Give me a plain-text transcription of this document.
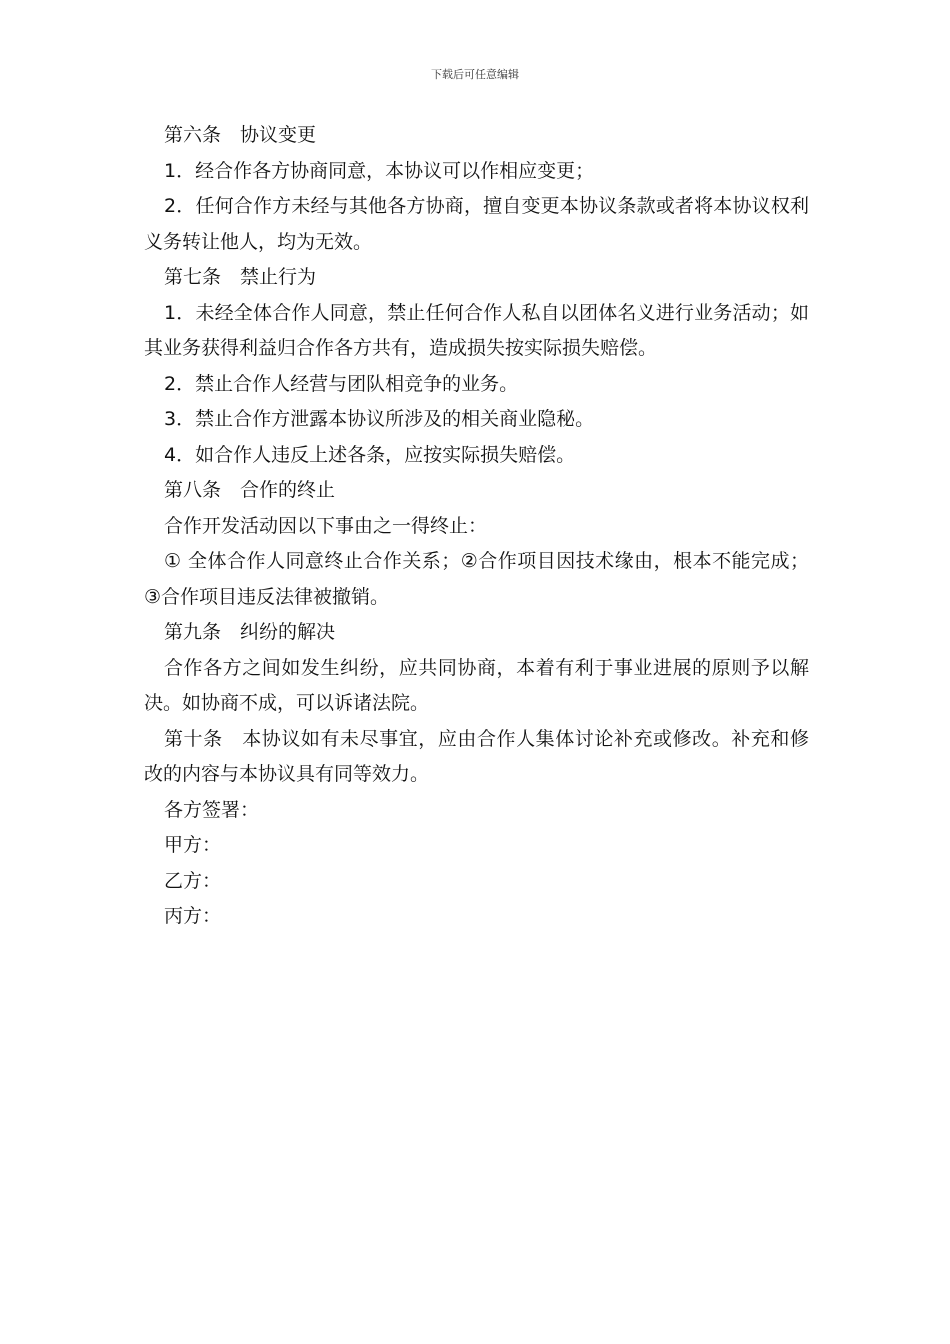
下载后可任意编辑

第六条　协议变更

1．经合作各方协商同意，本协议可以作相应变更；

2．任何合作方未经与其他各方协商，擅自变更本协议条款或者将本协议权利义务转让他人，均为无效。

第七条　禁止行为

1．未经全体合作人同意，禁止任何合作人私自以团体名义进行业务活动；如其业务获得利益归合作各方共有，造成损失按实际损失赔偿。

2．禁止合作人经营与团队相竞争的业务。

3．禁止合作方泄露本协议所涉及的相关商业隐秘。

4．如合作人违反上述各条，应按实际损失赔偿。

第八条　合作的终止

合作开发活动因以下事由之一得终止：

① 全体合作人同意终止合作关系；②合作项目因技术缘由，根本不能完成；③合作项目违反法律被撤销。

第九条　纠纷的解决

合作各方之间如发生纠纷，应共同协商，本着有利于事业进展的原则予以解决。如协商不成，可以诉诸法院。

第十条　本协议如有未尽事宜，应由合作人集体讨论补充或修改。补充和修改的内容与本协议具有同等效力。

各方签署：

甲方：

乙方：

丙方：
